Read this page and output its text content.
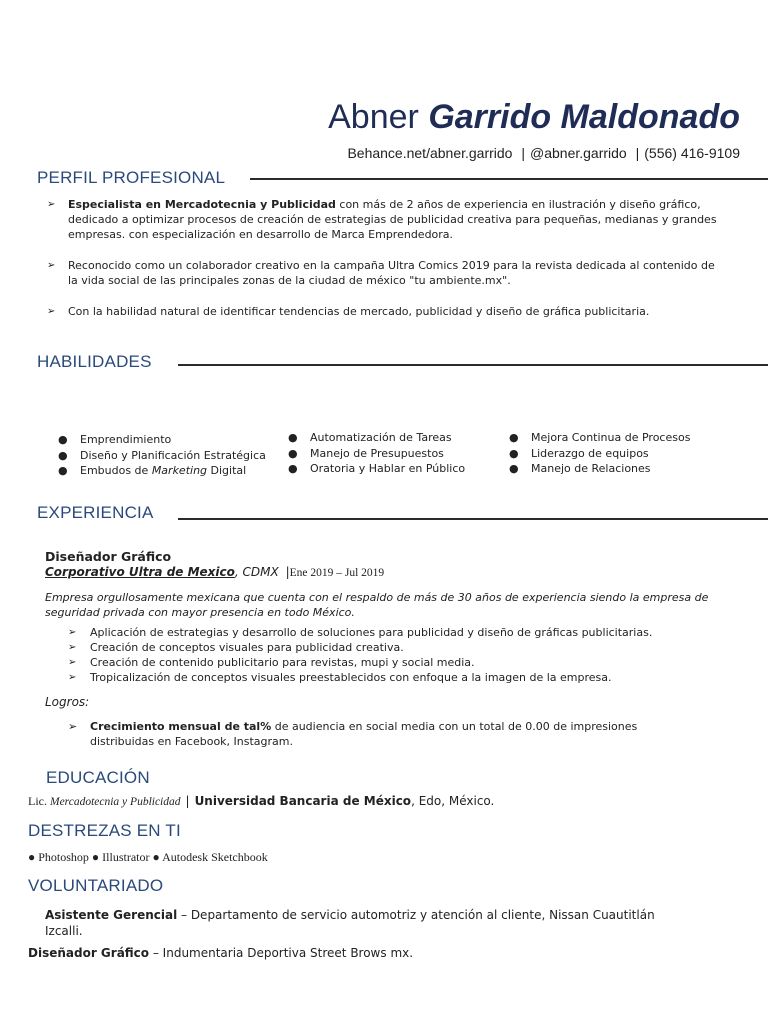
Abner Garrido Maldonado
Behance.net/abner.garrido | @abner.garrido | (556) 416-9109
PERFIL PROFESIONAL
➢ Especialista en Mercadotecnia y Publicidad con más de 2 años de experiencia en ilustración y diseño gráfico, dedicado a optimizar procesos de creación de estrategias de publicidad creativa para pequeñas, medianas y grandes empresas. con especialización en desarrollo de Marca Emprendedora.
➢ Reconocido como un colaborador creativo en la campaña Ultra Comics 2019 para la revista dedicada al contenido de la vida social de las principales zonas de la ciudad de méxico "tu ambiente.mx".
➢ Con la habilidad natural de identificar tendencias de mercado, publicidad y diseño de gráfica publicitaria.
HABILIDADES
● Emprendimiento
● Diseño y Planificación Estratégica
● Embudos de Marketing Digital
● Automatización de Tareas
● Manejo de Presupuestos
● Oratoria y Hablar en Público
● Mejora Continua de Procesos
● Liderazgo de equipos
● Manejo de Relaciones
EXPERIENCIA
Diseñador Gráfico
Corporativo Ultra de Mexico, CDMX |Ene 2019 – Jul 2019
Empresa orgullosamente mexicana que cuenta con el respaldo de más de 30 años de experiencia siendo la empresa de seguridad privada con mayor presencia en todo México.
➢ Aplicación de estrategias y desarrollo de soluciones para publicidad y diseño de gráficas publicitarias.
➢ Creación de conceptos visuales para publicidad creativa.
➢ Creación de contenido publicitario para revistas, mupi y social media.
➢ Tropicalización de conceptos visuales preestablecidos con enfoque a la imagen de la empresa.
Logros:
➢ Crecimiento mensual de tal% de audiencia en social media con un total de 0.00 de impresiones
distribuidas en Facebook, Instagram.
EDUCACIÓN
Lic. Mercadotecnia y Publicidad | Universidad Bancaria de México, Edo, México.
DESTREZAS EN TI
● Photoshop ● Illustrator ● Autodesk Sketchbook
VOLUNTARIADO
Asistente Gerencial – Departamento de servicio automotriz y atención al cliente, Nissan Cuautitlán
Izcalli.
Diseñador Gráfico – Indumentaria Deportiva Street Brows mx.
